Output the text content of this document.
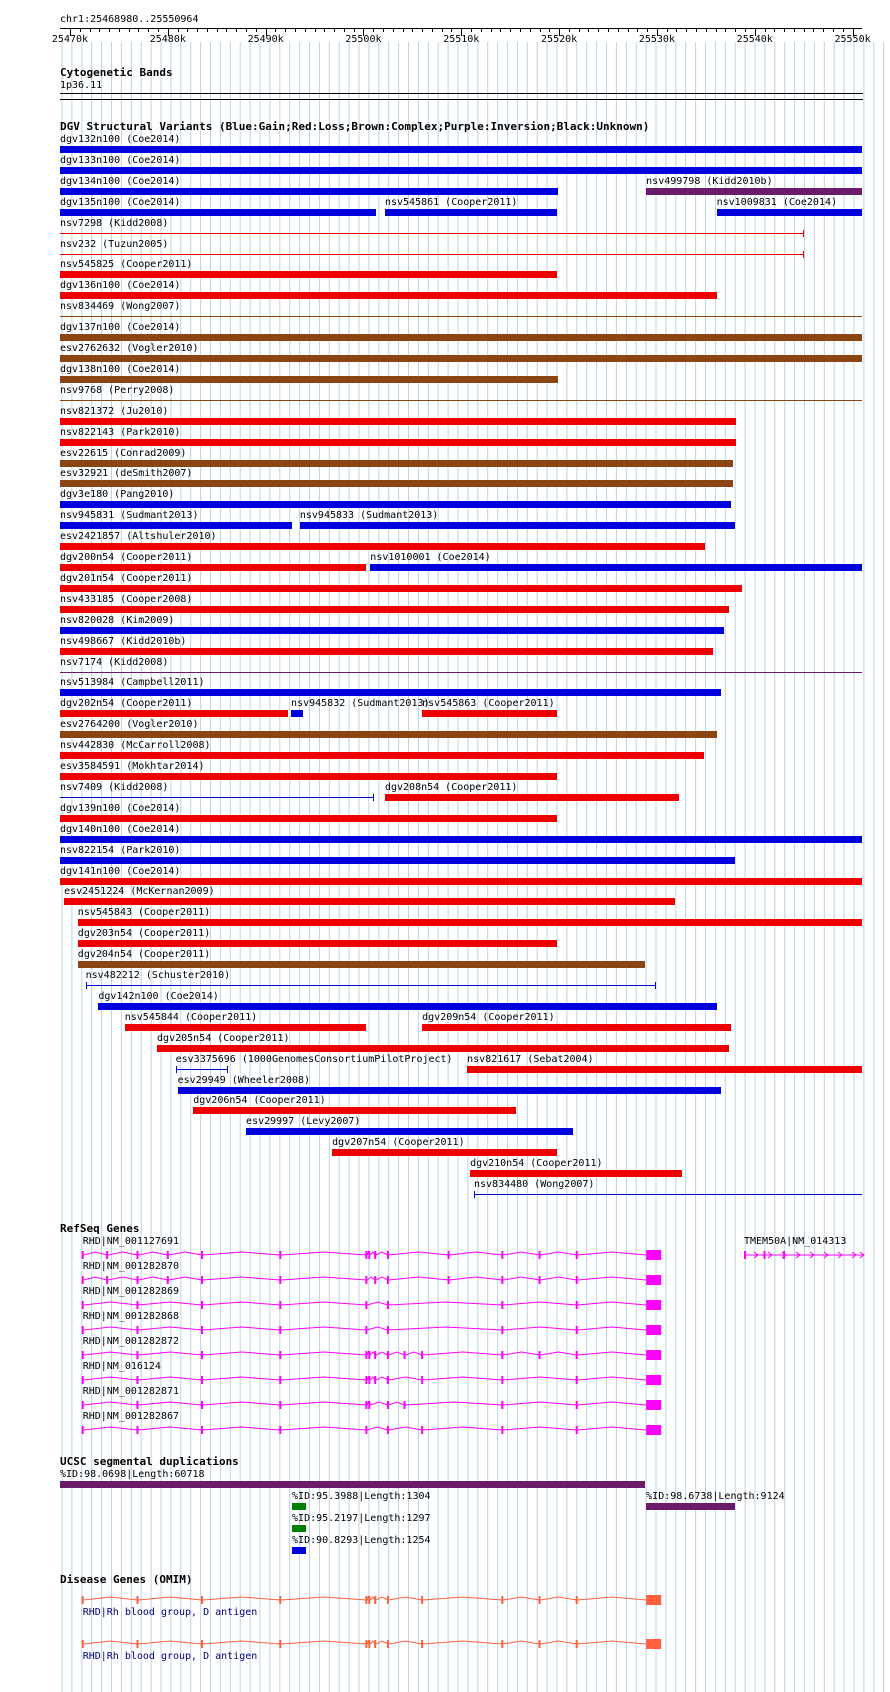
chr1:25468980..25550964
25470k	25480k	25490k	25500k	25510k	25520k	25530k	25540k	25550k
Cytogenetic Bands
1p36.11
DGV Structural Variants (Blue:Gain;Red:Loss;Brown:Complex;Purple:Inversion;Black:Unknown)
dgv132n100 (Coe2014)
dgv133n100 (Coe2014)
dgv134n100 (Coe2014)	nsv499798 (Kidd2010b)
dgv135n100 (Coe2014)	nsv545861 (Cooper2011)	nsv1009831 (Coe2014)
nsv7298 (Kidd2008)
nsv232 (Tuzun2005)
nsv545825 (Cooper2011)
dgv136n100 (Coe2014)
nsv834469 (Wong2007)
dgv137n100 (Coe2014)
esv2762632 (Vogler2010)
dgv138n100 (Coe2014)
nsv9768 (Perry2008)
nsv821372 (Ju2010)
nsv822143 (Park2010)
esv22615 (Conrad2009)
esv32921 (deSmith2007)
dgv3e180 (Pang2010)
nsv945831 (Sudmant2013)	nsv945833 (Sudmant2013)
esv2421857 (Altshuler2010)
dgv200n54 (Cooper2011)	nsv1010001 (Coe2014)
dgv201n54 (Cooper2011)
nsv433185 (Cooper2008)
nsv820028 (Kim2009)
nsv498667 (Kidd2010b)
nsv7174 (Kidd2008)
nsv513984 (Campbell2011)
dgv202n54 (Cooper2011)	nsv945832 (Sudmant2013)
nsv545863 (Cooper2011)
esv2764200 (Vogler2010)
nsv442830 (McCarroll2008)
esv3584591 (Mokhtar2014)
nsv7409 (Kidd2008)	dgv208n54 (Cooper2011)
dgv139n100 (Coe2014)
dgv140n100 (Coe2014)
nsv822154 (Park2010)
dgv141n100 (Coe2014)
esv2451224 (McKernan2009)
nsv545843 (Cooper2011)
dgv203n54 (Cooper2011)
dgv204n54 (Cooper2011)
nsv482212 (Schuster2010)
dgv142n100 (Coe2014)
nsv545844 (Cooper2011)	dgv209n54 (Cooper2011)
dgv205n54 (Cooper2011)
esv3375696 (1000GenomesConsortiumPilotProject) nsv821617 (Sebat2004)
esv29949 (Wheeler2008)
dgv206n54 (Cooper2011)
esv29997 (Levy2007)
dgv207n54 (Cooper2011)
dgv210n54 (Cooper2011)
nsv834480 (Wong2007)
RefSeq Genes
RHD|NM_001127691	TMEM50A|NM_014313
RHD|NM_001282870
RHD|NM_001282869
RHD|NM_001282868
RHD|NM_001282872
RHD|NM_016124
RHD|NM_001282871
RHD|NM_001282867
UCSC segmental duplications
%ID:98.0698|Length:60718
%ID:95.3988|Length:1304	%ID:98.6738|Length:9124
%ID:95.2197|Length:1297
%ID:90.8293|Length:1254
Disease Genes (OMIM)
RHD|Rh blood group, D antigen
RHD|Rh blood group, D antigen
